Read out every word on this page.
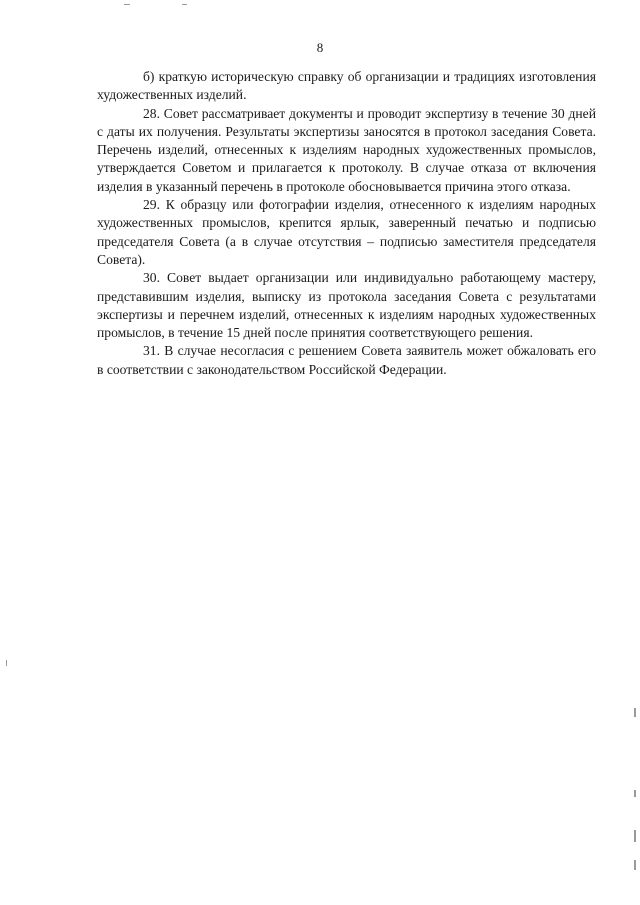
8

б) краткую историческую справку об организации и традициях изготовления художественных изделий.

28. Совет рассматривает документы и проводит экспертизу в течение 30 дней с даты их получения. Результаты экспертизы заносятся в протокол заседания Совета. Перечень изделий, отнесенных к изделиям народных художественных промыслов, утверждается Советом и прилагается к протоколу. В случае отказа от включения изделия в указанный перечень в протоколе обосновывается причина этого отказа.

29. К образцу или фотографии изделия, отнесенного к изделиям народных художественных промыслов, крепится ярлык, заверенный печатью и подписью председателя Совета (а в случае отсутствия – подписью заместителя председателя Совета).

30. Совет выдает организации или индивидуально работающему мастеру, представившим изделия, выписку из протокола заседания Совета с результатами экспертизы и перечнем изделий, отнесенных к изделиям народных художественных промыслов, в течение 15 дней после принятия соответствующего решения.

31. В случае несогласия с решением Совета заявитель может обжаловать его в соответствии с законодательством Российской Федерации.
